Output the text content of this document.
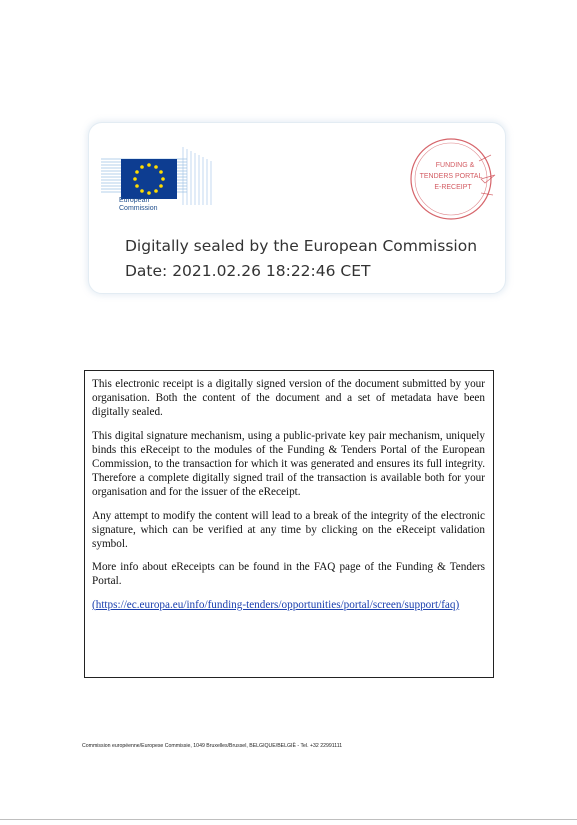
European
Commission
FUNDING &
TENDERS PORTAL
E-RECEIPT
Digitally sealed by the European Commission
Date: 2021.02.26 18:22:46 CET

This electronic receipt is a digitally signed version of the document submitted by your organisation. Both the content of the document and a set of metadata have been digitally sealed.

This digital signature mechanism, using a public-private key pair mechanism, uniquely binds this eReceipt to the modules of the Funding & Tenders Portal of the European Commission, to the transaction for which it was generated and ensures its full integrity. Therefore a complete digitally signed trail of the transaction is available both for your organisation and for the issuer of the eReceipt.

Any attempt to modify the content will lead to a break of the integrity of the electronic signature, which can be verified at any time by clicking on the eReceipt validation symbol.

More info about eReceipts can be found in the FAQ page of the Funding & Tenders Portal.

(https://ec.europa.eu/info/funding-tenders/opportunities/portal/screen/support/faq)

Commission européenne/Europese Commissie, 1049 Bruxelles/Brussel, BELGIQUE/BELGIË - Tel. +32 22991111
